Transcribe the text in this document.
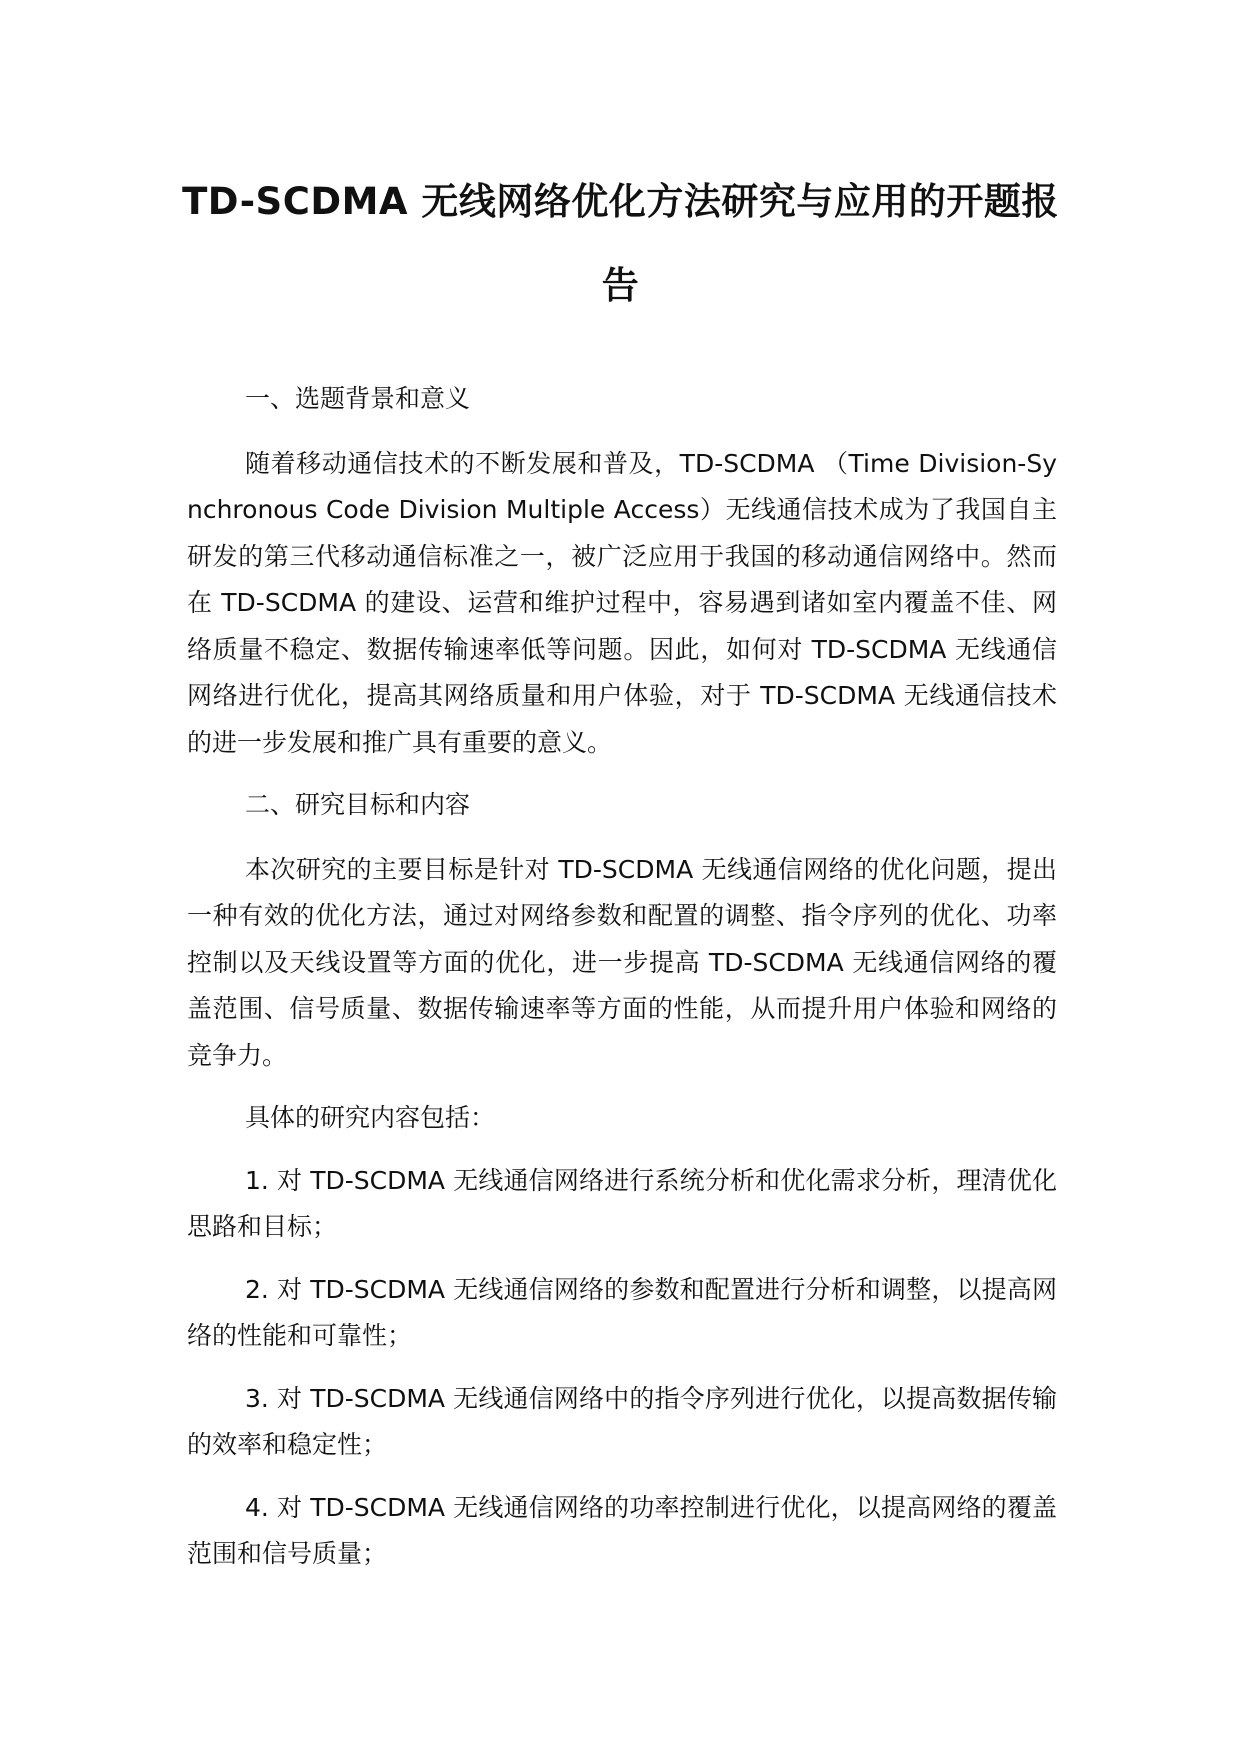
TD-SCDMA 无线网络优化方法研究与应用的开题报
告

一、选题背景和意义

随着移动通信技术的不断发展和普及，TD-SCDMA （Time Division-Synchronous Code Division Multiple Access）无线通信技术成为了我国自主研发的第三代移动通信标准之一，被广泛应用于我国的移动通信网络中。然而在 TD-SCDMA 的建设、运营和维护过程中，容易遇到诸如室内覆盖不佳、网络质量不稳定、数据传输速率低等问题。因此，如何对 TD-SCDMA 无线通信网络进行优化，提高其网络质量和用户体验，对于 TD-SCDMA 无线通信技术的进一步发展和推广具有重要的意义。

二、研究目标和内容

本次研究的主要目标是针对 TD-SCDMA 无线通信网络的优化问题，提出一种有效的优化方法，通过对网络参数和配置的调整、指令序列的优化、功率控制以及天线设置等方面的优化，进一步提高 TD-SCDMA 无线通信网络的覆盖范围、信号质量、数据传输速率等方面的性能，从而提升用户体验和网络的竞争力。

具体的研究内容包括：

1. 对 TD-SCDMA 无线通信网络进行系统分析和优化需求分析，理清优化思路和目标；

2. 对 TD-SCDMA 无线通信网络的参数和配置进行分析和调整，以提高网络的性能和可靠性；

3. 对 TD-SCDMA 无线通信网络中的指令序列进行优化，以提高数据传输的效率和稳定性；

4. 对 TD-SCDMA 无线通信网络的功率控制进行优化，以提高网络的覆盖范围和信号质量；
